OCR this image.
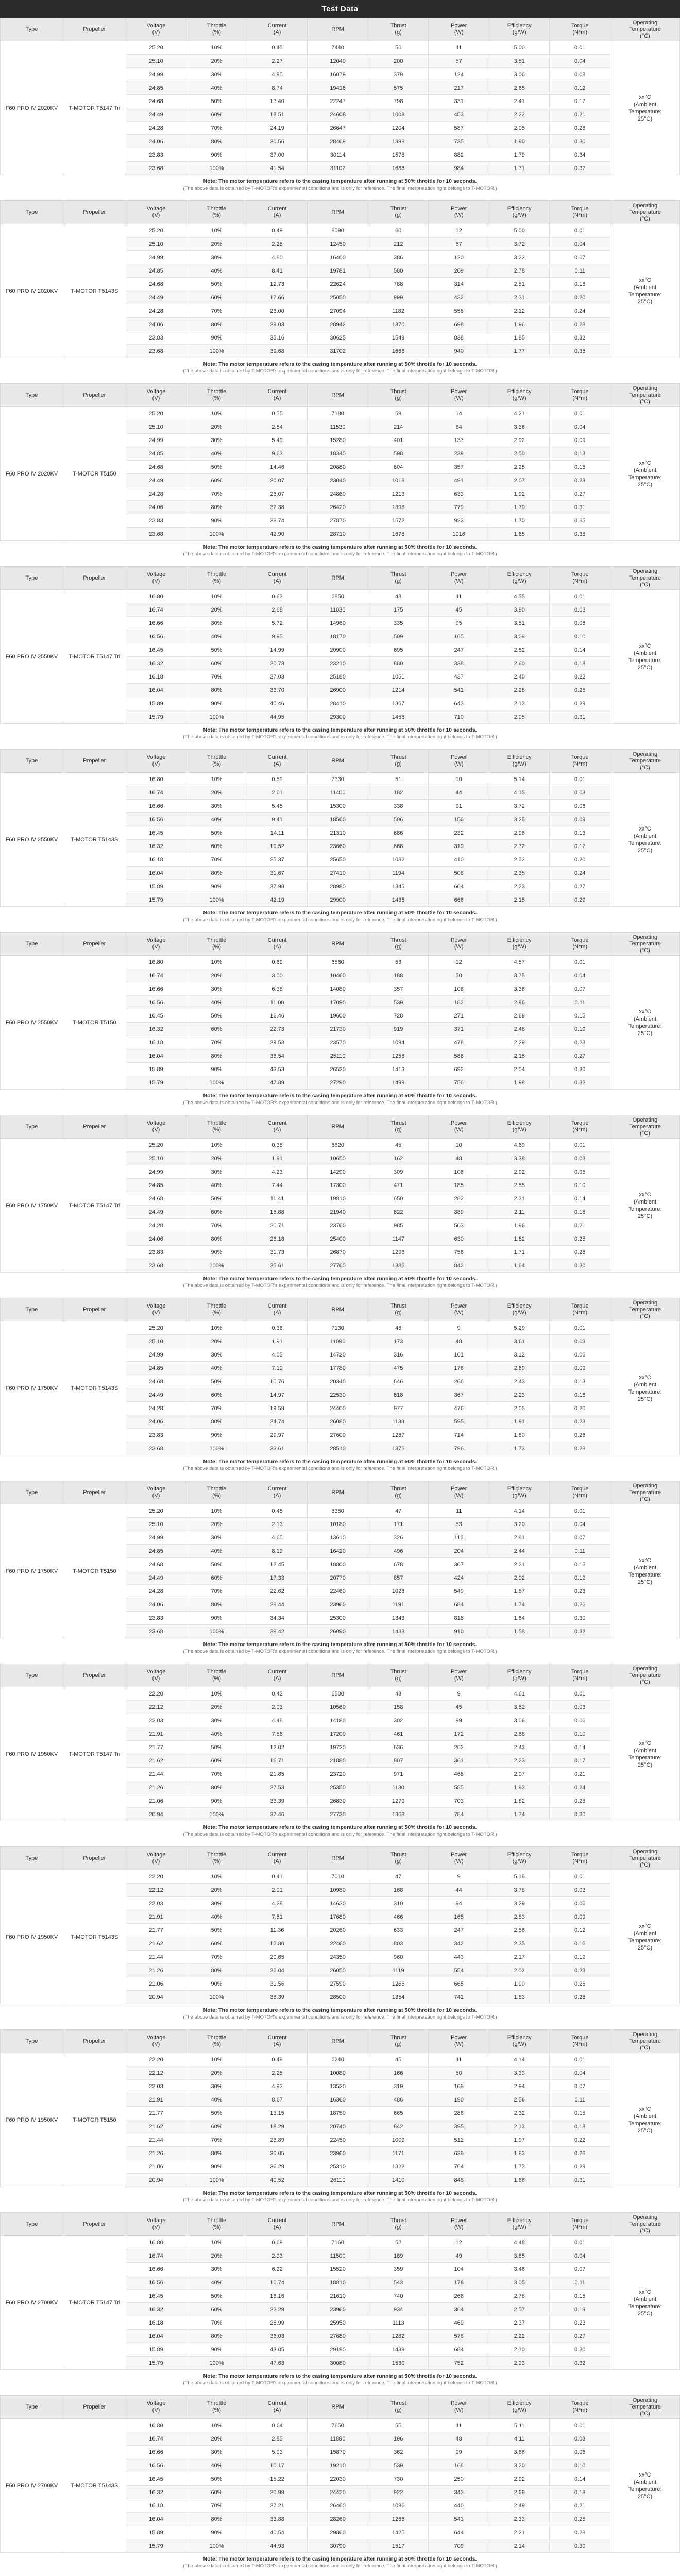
Test Data
Type	Propeller	Voltage
(V)	Throttle
(%)	Current
(A)	RPM	Thrust
(g)	Power
(W)	Efficiency
(g/W)	Torque
(N*m)	Operating
Temperature
(°C)
F60 PRO IV 2020KV	T-MOTOR T5147 Tri	25.20	10%	0.45	7440	56	11	5.00	0.01	xx°C
(Ambient
Temperature:
25°C)
		25.10	20%	2.27	12040	200	57	3.51	0.04	
		24.99	30%	4.95	16079	379	124	3.06	0.08	
		24.85	40%	8.74	19416	575	217	2.65	0.12	
		24.68	50%	13.40	22247	798	331	2.41	0.17	
		24.49	60%	18.51	24608	1008	453	2.22	0.21	
		24.28	70%	24.19	26647	1204	587	2.05	0.26	
		24.06	80%	30.56	28469	1398	735	1.90	0.30	
		23.83	90%	37.00	30114	1578	882	1.79	0.34	
		23.68	100%	41.54	31102	1686	984	1.71	0.37	
Note: The motor temperature refers to the casing temperature after running at 50% throttle for 10 seconds.
(The above data is obtained by T-MOTOR's experimental conditions and is only for reference. The final interpretation right belongs to T-MOTOR.)
Type	Propeller	Voltage
(V)	Throttle
(%)	Current
(A)	RPM	Thrust
(g)	Power
(W)	Efficiency
(g/W)	Torque
(N*m)	Operating
Temperature
(°C)
F60 PRO IV 2020KV	T-MOTOR T5143S	25.20	10%	0.49	8090	60	12	5.00	0.01	xx°C
(Ambient
Temperature:
25°C)
		25.10	20%	2.28	12450	212	57	3.72	0.04	
		24.99	30%	4.80	16400	386	120	3.22	0.07	
		24.85	40%	8.41	19781	580	209	2.78	0.11	
		24.68	50%	12.73	22624	788	314	2.51	0.16	
		24.49	60%	17.66	25050	999	432	2.31	0.20	
		24.28	70%	23.00	27094	1182	558	2.12	0.24	
		24.06	80%	29.03	28942	1370	698	1.96	0.28	
		23.83	90%	35.16	30625	1549	838	1.85	0.32	
		23.68	100%	39.68	31702	1668	940	1.77	0.35	
Note: The motor temperature refers to the casing temperature after running at 50% throttle for 10 seconds.
(The above data is obtained by T-MOTOR's experimental conditions and is only for reference. The final interpretation right belongs to T-MOTOR.)
Type	Propeller	Voltage
(V)	Throttle
(%)	Current
(A)	RPM	Thrust
(g)	Power
(W)	Efficiency
(g/W)	Torque
(N*m)	Operating
Temperature
(°C)
F60 PRO IV 2020KV	T-MOTOR T5150	25.20	10%	0.55	7180	59	14	4.21	0.01	xx°C
(Ambient
Temperature:
25°C)
		25.10	20%	2.54	11530	214	64	3.36	0.04	
		24.99	30%	5.49	15280	401	137	2.92	0.09	
		24.85	40%	9.63	18340	598	239	2.50	0.13	
		24.68	50%	14.46	20880	804	357	2.25	0.18	
		24.49	60%	20.07	23040	1018	491	2.07	0.23	
		24.28	70%	26.07	24860	1213	633	1.92	0.27	
		24.06	80%	32.38	26420	1398	779	1.79	0.31	
		23.83	90%	38.74	27870	1572	923	1.70	0.35	
		23.68	100%	42.90	28710	1678	1016	1.65	0.38	
Note: The motor temperature refers to the casing temperature after running at 50% throttle for 10 seconds.
(The above data is obtained by T-MOTOR's experimental conditions and is only for reference. The final interpretation right belongs to T-MOTOR.)
Type	Propeller	Voltage
(V)	Throttle
(%)	Current
(A)	RPM	Thrust
(g)	Power
(W)	Efficiency
(g/W)	Torque
(N*m)	Operating
Temperature
(°C)
F60 PRO IV 2550KV	T-MOTOR T5147 Tri	16.80	10%	0.63	6850	48	11	4.55	0.01	xx°C
(Ambient
Temperature:
25°C)
		16.74	20%	2.68	11030	175	45	3.90	0.03	
		16.66	30%	5.72	14960	335	95	3.51	0.06	
		16.56	40%	9.95	18170	509	165	3.09	0.10	
		16.45	50%	14.99	20900	695	247	2.82	0.14	
		16.32	60%	20.73	23210	880	338	2.60	0.18	
		16.18	70%	27.03	25180	1051	437	2.40	0.22	
		16.04	80%	33.70	26900	1214	541	2.25	0.25	
		15.89	90%	40.46	28410	1367	643	2.13	0.29	
		15.79	100%	44.95	29300	1456	710	2.05	0.31	
Note: The motor temperature refers to the casing temperature after running at 50% throttle for 10 seconds.
(The above data is obtained by T-MOTOR's experimental conditions and is only for reference. The final interpretation right belongs to T-MOTOR.)
Type	Propeller	Voltage
(V)	Throttle
(%)	Current
(A)	RPM	Thrust
(g)	Power
(W)	Efficiency
(g/W)	Torque
(N*m)	Operating
Temperature
(°C)
F60 PRO IV 2550KV	T-MOTOR T5143S	16.80	10%	0.59	7330	51	10	5.14	0.01	xx°C
(Ambient
Temperature:
25°C)
		16.74	20%	2.61	11400	182	44	4.15	0.03	
		16.66	30%	5.45	15300	338	91	3.72	0.06	
		16.56	40%	9.41	18560	506	156	3.25	0.09	
		16.45	50%	14.11	21310	686	232	2.96	0.13	
		16.32	60%	19.52	23660	868	319	2.72	0.17	
		16.18	70%	25.37	25650	1032	410	2.52	0.20	
		16.04	80%	31.67	27410	1194	508	2.35	0.24	
		15.89	90%	37.98	28980	1345	604	2.23	0.27	
		15.79	100%	42.19	29900	1435	666	2.15	0.29	
Note: The motor temperature refers to the casing temperature after running at 50% throttle for 10 seconds.
(The above data is obtained by T-MOTOR's experimental conditions and is only for reference. The final interpretation right belongs to T-MOTOR.)
Type	Propeller	Voltage
(V)	Throttle
(%)	Current
(A)	RPM	Thrust
(g)	Power
(W)	Efficiency
(g/W)	Torque
(N*m)	Operating
Temperature
(°C)
F60 PRO IV 2550KV	T-MOTOR T5150	16.80	10%	0.69	6560	53	12	4.57	0.01	xx°C
(Ambient
Temperature:
25°C)
		16.74	20%	3.00	10460	188	50	3.75	0.04	
		16.66	30%	6.38	14080	357	106	3.36	0.07	
		16.56	40%	11.00	17090	539	182	2.96	0.11	
		16.45	50%	16.46	19600	728	271	2.69	0.15	
		16.32	60%	22.73	21730	919	371	2.48	0.19	
		16.18	70%	29.53	23570	1094	478	2.29	0.23	
		16.04	80%	36.54	25110	1258	586	2.15	0.27	
		15.89	90%	43.53	26520	1413	692	2.04	0.30	
		15.79	100%	47.89	27290	1499	756	1.98	0.32	
Note: The motor temperature refers to the casing temperature after running at 50% throttle for 10 seconds.
(The above data is obtained by T-MOTOR's experimental conditions and is only for reference. The final interpretation right belongs to T-MOTOR.)
Type	Propeller	Voltage
(V)	Throttle
(%)	Current
(A)	RPM	Thrust
(g)	Power
(W)	Efficiency
(g/W)	Torque
(N*m)	Operating
Temperature
(°C)
F60 PRO IV 1750KV	T-MOTOR T5147 Tri	25.20	10%	0.38	6620	45	10	4.69	0.01	xx°C
(Ambient
Temperature:
25°C)
		25.10	20%	1.91	10650	162	48	3.38	0.03	
		24.99	30%	4.23	14290	309	106	2.92	0.06	
		24.85	40%	7.44	17300	471	185	2.55	0.10	
		24.68	50%	11.41	19810	650	282	2.31	0.14	
		24.49	60%	15.88	21940	822	389	2.11	0.18	
		24.28	70%	20.71	23760	985	503	1.96	0.21	
		24.06	80%	26.18	25400	1147	630	1.82	0.25	
		23.83	90%	31.73	26870	1296	756	1.71	0.28	
		23.68	100%	35.61	27760	1386	843	1.64	0.30	
Note: The motor temperature refers to the casing temperature after running at 50% throttle for 10 seconds.
(The above data is obtained by T-MOTOR's experimental conditions and is only for reference. The final interpretation right belongs to T-MOTOR.)
Type	Propeller	Voltage
(V)	Throttle
(%)	Current
(A)	RPM	Thrust
(g)	Power
(W)	Efficiency
(g/W)	Torque
(N*m)	Operating
Temperature
(°C)
F60 PRO IV 1750KV	T-MOTOR T5143S	25.20	10%	0.36	7130	48	9	5.29	0.01	xx°C
(Ambient
Temperature:
25°C)
		25.10	20%	1.91	11090	173	48	3.61	0.03	
		24.99	30%	4.05	14720	316	101	3.12	0.06	
		24.85	40%	7.10	17780	475	176	2.69	0.09	
		24.68	50%	10.76	20340	646	266	2.43	0.13	
		24.49	60%	14.97	22530	818	367	2.23	0.16	
		24.28	70%	19.59	24400	977	476	2.05	0.20	
		24.06	80%	24.74	26080	1138	595	1.91	0.23	
		23.83	90%	29.97	27600	1287	714	1.80	0.26	
		23.68	100%	33.61	28510	1376	796	1.73	0.28	
Note: The motor temperature refers to the casing temperature after running at 50% throttle for 10 seconds.
(The above data is obtained by T-MOTOR's experimental conditions and is only for reference. The final interpretation right belongs to T-MOTOR.)
Type	Propeller	Voltage
(V)	Throttle
(%)	Current
(A)	RPM	Thrust
(g)	Power
(W)	Efficiency
(g/W)	Torque
(N*m)	Operating
Temperature
(°C)
F60 PRO IV 1750KV	T-MOTOR T5150	25.20	10%	0.45	6350	47	11	4.14	0.01	xx°C
(Ambient
Temperature:
25°C)
		25.10	20%	2.13	10180	171	53	3.20	0.04	
		24.99	30%	4.65	13610	326	116	2.81	0.07	
		24.85	40%	8.19	16420	496	204	2.44	0.11	
		24.68	50%	12.45	18800	678	307	2.21	0.15	
		24.49	60%	17.33	20770	857	424	2.02	0.19	
		24.28	70%	22.62	22460	1026	549	1.87	0.23	
		24.06	80%	28.44	23960	1191	684	1.74	0.26	
		23.83	90%	34.34	25300	1343	818	1.64	0.30	
		23.68	100%	38.42	26090	1433	910	1.58	0.32	
Note: The motor temperature refers to the casing temperature after running at 50% throttle for 10 seconds.
(The above data is obtained by T-MOTOR's experimental conditions and is only for reference. The final interpretation right belongs to T-MOTOR.)
Type	Propeller	Voltage
(V)	Throttle
(%)	Current
(A)	RPM	Thrust
(g)	Power
(W)	Efficiency
(g/W)	Torque
(N*m)	Operating
Temperature
(°C)
F60 PRO IV 1950KV	T-MOTOR T5147 Tri	22.20	10%	0.42	6500	43	9	4.61	0.01	xx°C
(Ambient
Temperature:
25°C)
		22.12	20%	2.03	10560	158	45	3.52	0.03	
		22.03	30%	4.48	14180	302	99	3.06	0.06	
		21.91	40%	7.86	17200	461	172	2.68	0.10	
		21.77	50%	12.02	19720	636	262	2.43	0.14	
		21.62	60%	16.71	21880	807	361	2.23	0.17	
		21.44	70%	21.85	23720	971	468	2.07	0.21	
		21.26	80%	27.53	25350	1130	585	1.93	0.24	
		21.06	90%	33.39	26830	1279	703	1.82	0.28	
		20.94	100%	37.46	27730	1368	784	1.74	0.30	
Note: The motor temperature refers to the casing temperature after running at 50% throttle for 10 seconds.
(The above data is obtained by T-MOTOR's experimental conditions and is only for reference. The final interpretation right belongs to T-MOTOR.)
Type	Propeller	Voltage
(V)	Throttle
(%)	Current
(A)	RPM	Thrust
(g)	Power
(W)	Efficiency
(g/W)	Torque
(N*m)	Operating
Temperature
(°C)
F60 PRO IV 1950KV	T-MOTOR T5143S	22.20	10%	0.41	7010	47	9	5.16	0.01	xx°C
(Ambient
Temperature:
25°C)
		22.12	20%	2.01	10980	168	44	3.78	0.03	
		22.03	30%	4.28	14630	310	94	3.29	0.06	
		21.91	40%	7.51	17680	466	165	2.83	0.09	
		21.77	50%	11.36	20260	633	247	2.56	0.12	
		21.62	60%	15.80	22460	803	342	2.35	0.16	
		21.44	70%	20.65	24350	960	443	2.17	0.19	
		21.26	80%	26.04	26050	1119	554	2.02	0.23	
		21.06	90%	31.56	27590	1266	665	1.90	0.26	
		20.94	100%	35.39	28500	1354	741	1.83	0.28	
Note: The motor temperature refers to the casing temperature after running at 50% throttle for 10 seconds.
(The above data is obtained by T-MOTOR's experimental conditions and is only for reference. The final interpretation right belongs to T-MOTOR.)
Type	Propeller	Voltage
(V)	Throttle
(%)	Current
(A)	RPM	Thrust
(g)	Power
(W)	Efficiency
(g/W)	Torque
(N*m)	Operating
Temperature
(°C)
F60 PRO IV 1950KV	T-MOTOR T5150	22.20	10%	0.49	6240	45	11	4.14	0.01	xx°C
(Ambient
Temperature:
25°C)
		22.12	20%	2.25	10080	166	50	3.33	0.04	
		22.03	30%	4.93	13520	319	109	2.94	0.07	
		21.91	40%	8.67	16360	486	190	2.56	0.11	
		21.77	50%	13.15	18750	665	286	2.32	0.15	
		21.62	60%	18.29	20740	842	395	2.13	0.18	
		21.44	70%	23.89	22450	1009	512	1.97	0.22	
		21.26	80%	30.05	23960	1171	639	1.83	0.26	
		21.06	90%	36.29	25310	1322	764	1.73	0.29	
		20.94	100%	40.52	26110	1410	848	1.66	0.31	
Note: The motor temperature refers to the casing temperature after running at 50% throttle for 10 seconds.
(The above data is obtained by T-MOTOR's experimental conditions and is only for reference. The final interpretation right belongs to T-MOTOR.)
Type	Propeller	Voltage
(V)	Throttle
(%)	Current
(A)	RPM	Thrust
(g)	Power
(W)	Efficiency
(g/W)	Torque
(N*m)	Operating
Temperature
(°C)
F60 PRO IV 2700KV	T-MOTOR T5147 Tri	16.80	10%	0.69	7160	52	12	4.48	0.01	xx°C
(Ambient
Temperature:
25°C)
		16.74	20%	2.93	11500	189	49	3.85	0.04	
		16.66	30%	6.22	15520	359	104	3.46	0.07	
		16.56	40%	10.74	18810	543	178	3.05	0.11	
		16.45	50%	16.16	21610	740	266	2.78	0.15	
		16.32	60%	22.29	23960	934	364	2.57	0.19	
		16.18	70%	28.99	25950	1113	469	2.37	0.23	
		16.04	80%	36.03	27680	1282	578	2.22	0.27	
		15.89	90%	43.05	29190	1439	684	2.10	0.30	
		15.79	100%	47.63	30080	1530	752	2.03	0.32	
Note: The motor temperature refers to the casing temperature after running at 50% throttle for 10 seconds.
(The above data is obtained by T-MOTOR's experimental conditions and is only for reference. The final interpretation right belongs to T-MOTOR.)
Type	Propeller	Voltage
(V)	Throttle
(%)	Current
(A)	RPM	Thrust
(g)	Power
(W)	Efficiency
(g/W)	Torque
(N*m)	Operating
Temperature
(°C)
F60 PRO IV 2700KV	T-MOTOR T5143S	16.80	10%	0.64	7650	55	11	5.11	0.01	xx°C
(Ambient
Temperature:
25°C)
		16.74	20%	2.85	11890	196	48	4.11	0.03	
		16.66	30%	5.93	15870	362	99	3.66	0.06	
		16.56	40%	10.17	19210	539	168	3.20	0.10	
		16.45	50%	15.22	22030	730	250	2.92	0.14	
		16.32	60%	20.99	24420	922	343	2.69	0.18	
		16.18	70%	27.21	26460	1096	440	2.49	0.21	
		16.04	80%	33.88	28260	1266	543	2.33	0.25	
		15.89	90%	40.54	29860	1425	644	2.21	0.28	
		15.79	100%	44.93	30790	1517	709	2.14	0.30	
Note: The motor temperature refers to the casing temperature after running at 50% throttle for 10 seconds.
(The above data is obtained by T-MOTOR's experimental conditions and is only for reference. The final interpretation right belongs to T-MOTOR.)
